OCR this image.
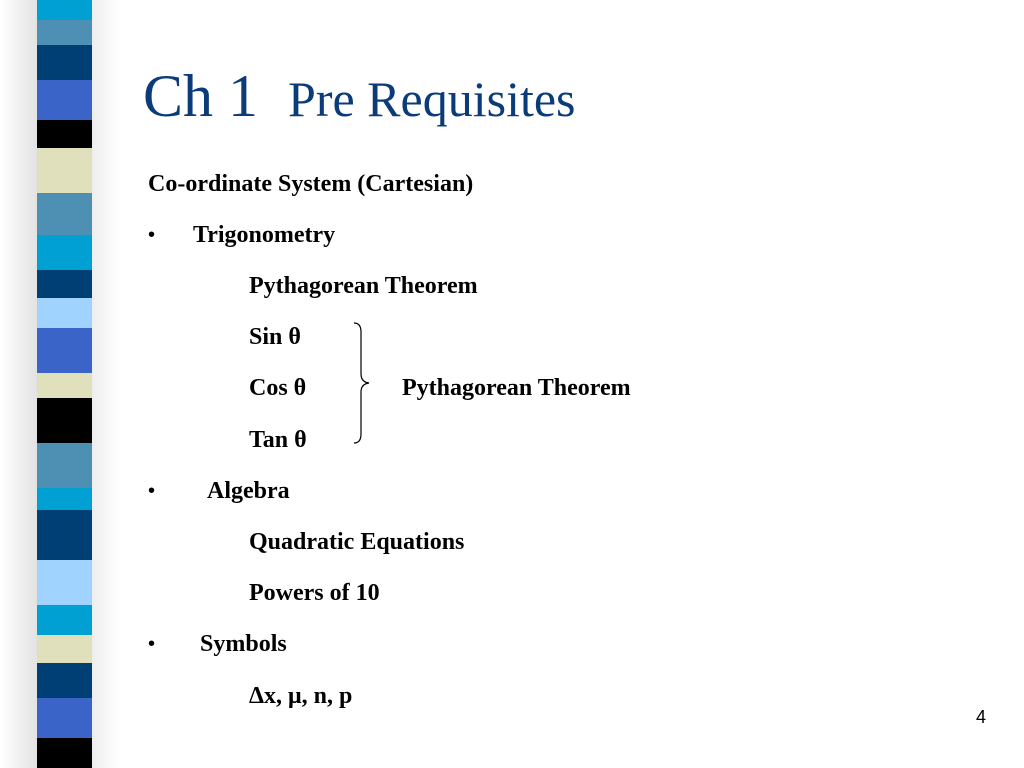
Ch 1 Pre Requisites

Co-ordinate System (Cartesian)

• Trigonometry

Pythagorean Theorem

Sin θ

Cos θ

Tan θ

Pythagorean Theorem

• Algebra

Quadratic Equations

Powers of 10

• Symbols

Δx, μ, n, p

4
